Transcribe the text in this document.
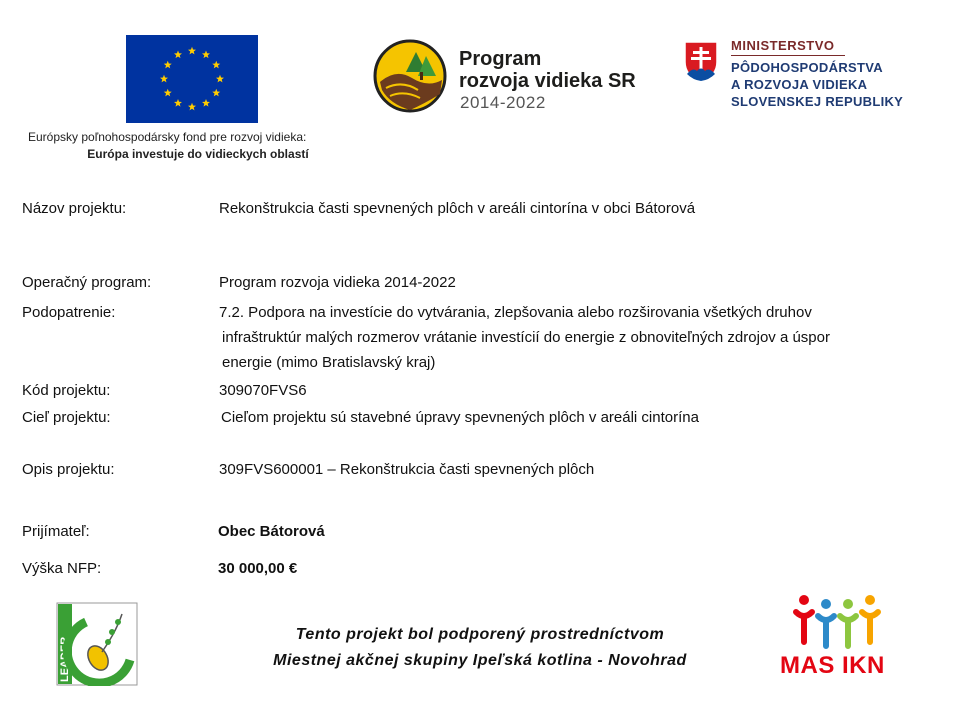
Európsky poľnohospodársky fond pre rozvoj vidieka:
Európa investuje do vidieckych oblastí
Program
rozvoja vidieka SR
2014-2022
MINISTERSTVO
PÔDOHOSPODÁRSTVA
A ROZVOJA VIDIEKA
SLOVENSKEJ REPUBLIKY
Názov projektu:	Rekonštrukcia časti spevnených plôch v areáli cintorína v obci Bátorová
Operačný program:	Program rozvoja vidieka 2014-2022
Podopatrenie:	7.2. Podpora na investície do vytvárania, zlepšovania alebo rozširovania všetkých druhov
infraštruktúr malých rozmerov vrátanie investícií do energie z obnoviteľných zdrojov a úspor
energie (mimo Bratislavský kraj)
Kód projektu:	309070FVS6
Cieľ projektu:	Cieľom projektu sú stavebné úpravy spevnených plôch v areáli cintorína
Opis projektu:	309FVS600001 – Rekonštrukcia časti spevnených plôch
Prijímateľ:	Obec Bátorová
Výška NFP:	30 000,00 €
LEADER
Tento projekt bol podporený prostredníctvom
Miestnej akčnej skupiny Ipeľská kotlina - Novohrad	MAS IKN
